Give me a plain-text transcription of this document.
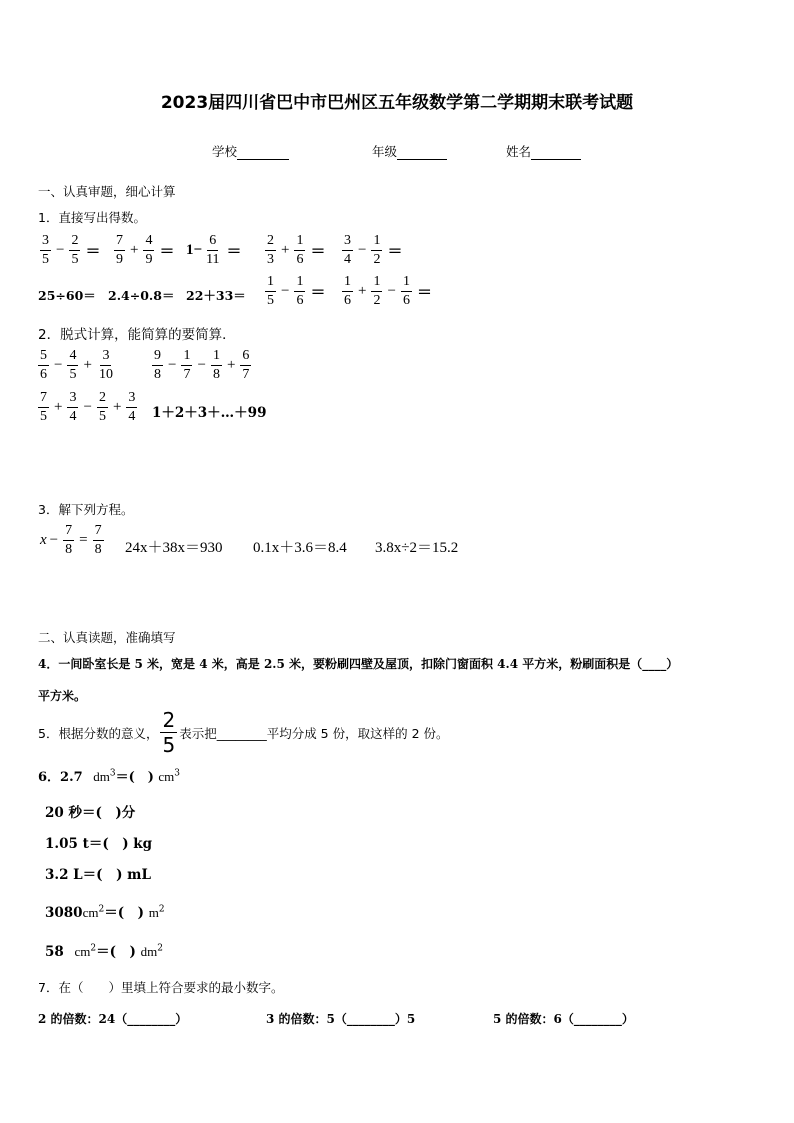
2023届四川省巴中市巴州区五年级数学第二学期期末联考试题
学校	年级	姓名
一、认真审题，细心计算
1．直接写出得数。
$\frac{3}{5} - \frac{2}{5} = \frac{7}{9} + \frac{4}{9} = 1- \frac{6}{11} = \frac{2}{3} + \frac{1}{6} = \frac{3}{4} - \frac{1}{2}$ ＝
$25\div 60= 2.4\div 0.8= 22+33= \frac{1}{5} - \frac{1}{6} = \frac{1}{6} + \frac{1}{2} - \frac{1}{6}$ ＝
2．脱式计算，能简算的要简算．
$\frac{5}{6} - \frac{4}{5} + \frac{3}{10}$	$\frac{9}{8} - \frac{1}{7} - \frac{1}{8} + \frac{6}{7}$
$\frac{7}{5} + \frac{3}{4} - \frac{2}{5} + \frac{3}{4}$ 1＋2＋3＋…＋99
3．解下列方程。
$x - \frac{7}{8} = \frac{7}{8} 24x+38x=930$ 0.1x＋3.6＝8.4 3.8x÷2＝15.2
二、认真读题，准确填写
4．一间卧室长是 5 米，宽是 4 米，高是 2.5 米，要粉刷四壁及屋顶，扣除门窗面积 4.4 平方米，粉刷面积是（____）
平方米。
5．根据分数的意义， $\frac{2}{5}$ 表示把________平均分成 5 份，取这样的 2 份。
6．2.7 $dm^3=$(　) $cm^3$
20 秒＝(　)分
1.05 t＝(　) kg
3.2 L＝(　) mL
$3080cm^2=$(　) $m^2$
58 $cm^2=$(　) $dm^2$
7．在（　　）里填上符合要求的最小数字。
2 的倍数：24（________）	3 的倍数：5（________）5	5 的倍数：6（________）
